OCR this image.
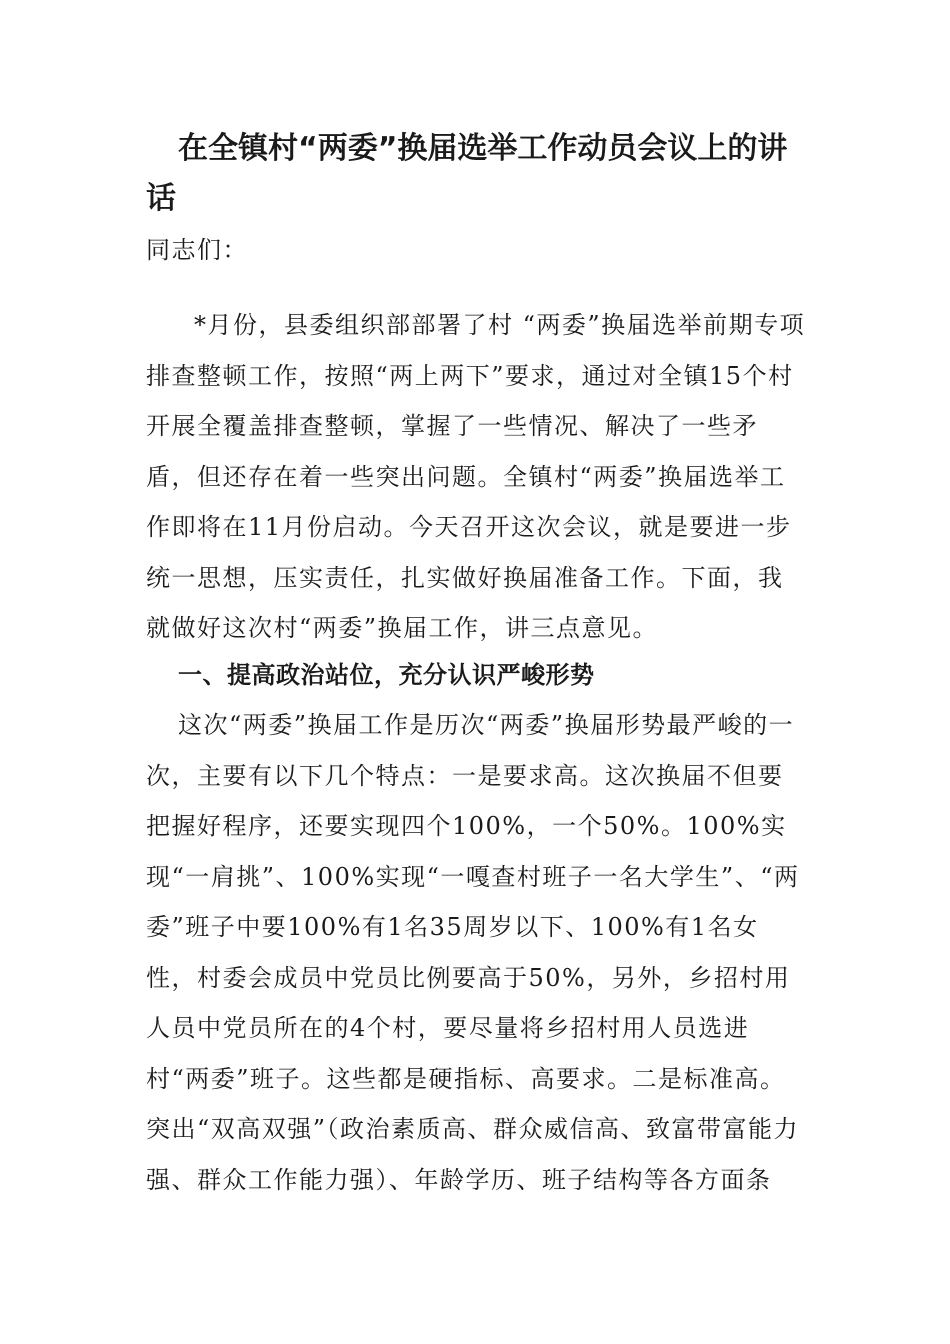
在全镇村“两委”换届选举工作动员会议上的讲话

同志们：

*月份，县委组织部部署了村 “两委”换届选举前期专项排查整顿工作，按照“两上两下”要求，通过对全镇15个村开展全覆盖排查整顿，掌握了一些情况、解决了一些矛盾，但还存在着一些突出问题。全镇村“两委”换届选举工作即将在11月份启动。今天召开这次会议，就是要进一步统一思想，压实责任，扎实做好换届准备工作。下面，我就做好这次村“两委”换届工作，讲三点意见。

一、提高政治站位，充分认识严峻形势

这次“两委”换届工作是历次“两委”换届形势最严峻的一次，主要有以下几个特点：一是要求高。这次换届不但要把握好程序，还要实现四个100%，一个50%。100%实现“一肩挑”、100%实现“一嘎查村班子一名大学生”、“两委”班子中要100%有1名35周岁以下、100%有1名女性，村委会成员中党员比例要高于50%，另外，乡招村用人员中党员所在的4个村，要尽量将乡招村用人员选进村“两委”班子。这些都是硬指标、高要求。二是标准高。突出“双高双强”（政治素质高、群众威信高、致富带富能力强、群众工作能力强）、年龄学历、班子结构等各方面条
